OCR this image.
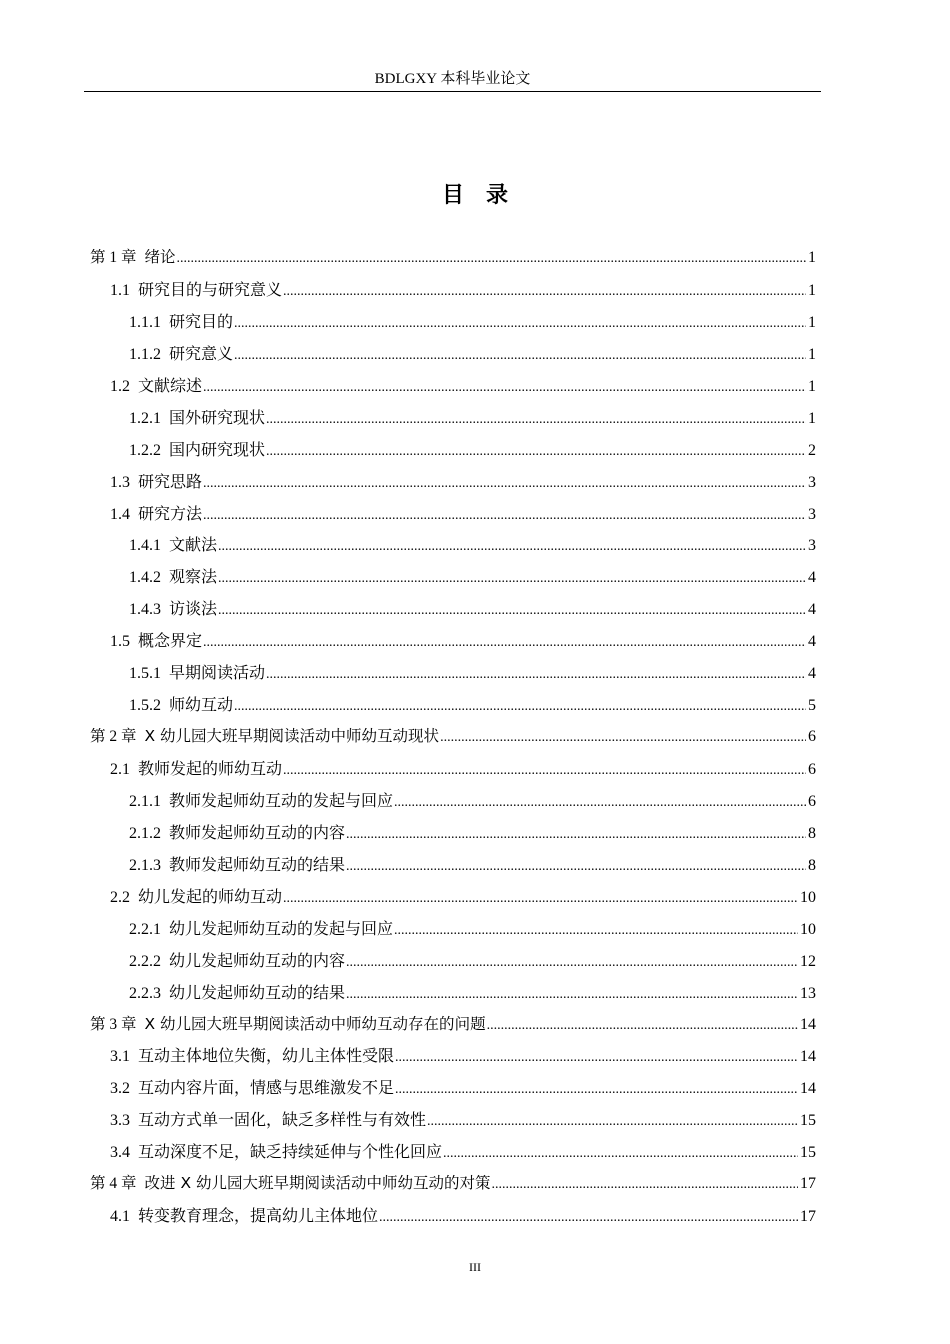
BDLGXY 本科毕业论文
目录
第 1 章 绪论 .....	1
1.1 研究目的与研究意义 .....	1
1.1.1 研究目的 .....	1
1.1.2 研究意义 .....	1
1.2 文献综述 .....	1
1.2.1 国外研究现状 .....	1
1.2.2 国内研究现状 .....	2
1.3 研究思路 .....	3
1.4 研究方法 .....	3
1.4.1 文献法 .....	3
1.4.2 观察法 .....	4
1.4.3 访谈法 .....	4
1.5 概念界定 .....	4
1.5.1 早期阅读活动 .....	4
1.5.2 师幼互动 .....	5
第 2 章 X 幼儿园大班早期阅读活动中师幼互动现状 .....	6
2.1 教师发起的师幼互动 .....	6
2.1.1 教师发起师幼互动的发起与回应 .....	6
2.1.2 教师发起师幼互动的内容 .....	8
2.1.3 教师发起师幼互动的结果 .....	8
2.2 幼儿发起的师幼互动 .....	10
2.2.1 幼儿发起师幼互动的发起与回应 .....	10
2.2.2 幼儿发起师幼互动的内容 .....	12
2.2.3 幼儿发起师幼互动的结果 .....	13
第 3 章 X 幼儿园大班早期阅读活动中师幼互动存在的问题 .....	14
3.1 互动主体地位失衡，幼儿主体性受限 .....	14
3.2 互动内容片面，情感与思维激发不足 .....	14
3.3 互动方式单一固化，缺乏多样性与有效性 .....	15
3.4 互动深度不足，缺乏持续延伸与个性化回应 .....	15
第 4 章 改进 X 幼儿园大班早期阅读活动中师幼互动的对策 .....	17
4.1 转变教育理念，提高幼儿主体地位 .....	17
III
